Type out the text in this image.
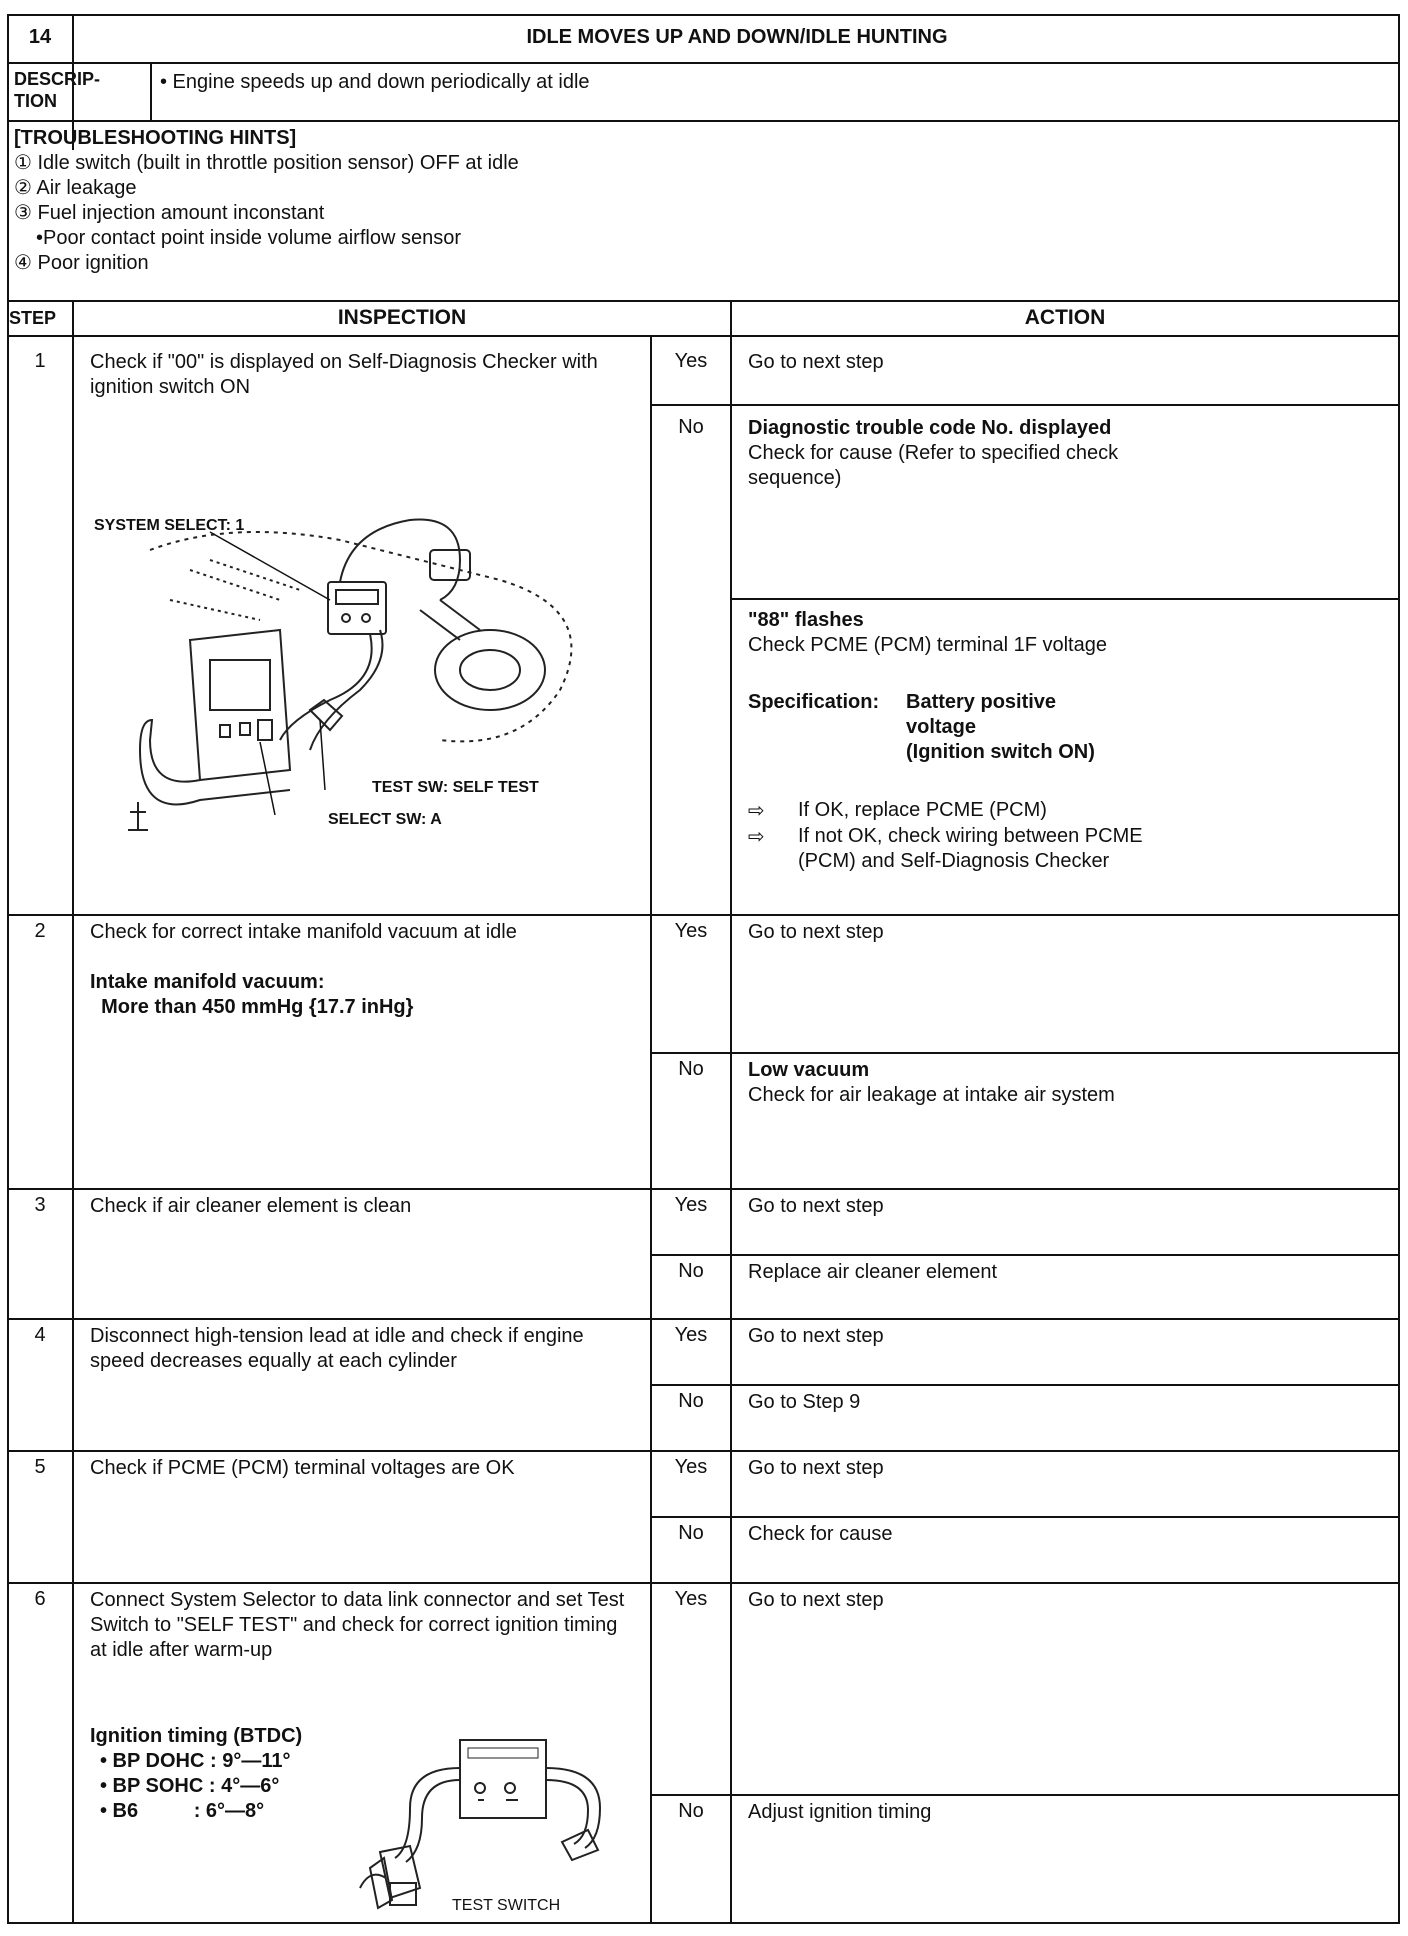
14	IDLE MOVES UP AND DOWN/IDLE HUNTING
DESCRIP-
TION
• Engine speeds up and down periodically at idle
[TROUBLESHOOTING HINTS]
① Idle switch (built in throttle position sensor) OFF at idle
② Air leakage
③ Fuel injection amount inconstant
•Poor contact point inside volume airflow sensor
④ Poor ignition
STEP	INSPECTION	ACTION
1	Check if "00" is displayed on Self-Diagnosis Checker with ignition switch ON
Yes	Go to next step
No	Diagnostic trouble code No. displayed
Check for cause (Refer to specified check sequence)
"88" flashes
Check PCME (PCM) terminal 1F voltage
Specification: Battery positive
voltage
(Ignition switch ON)
⇨ If OK, replace PCME (PCM)
⇨ If not OK, check wiring between PCME (PCM) and Self-Diagnosis Checker
SYSTEM SELECT: 1
TEST SW: SELF TEST
SELECT SW: A
2	Check for correct intake manifold vacuum at idle
Intake manifold vacuum:
More than 450 mmHg {17.7 inHg}
Yes	Go to next step
No	Low vacuum
Check for air leakage at intake air system
3	Check if air cleaner element is clean	Yes	Go to next step
No	Replace air cleaner element
4	Disconnect high-tension lead at idle and check if engine speed decreases equally at each cylinder
Yes	Go to next step
No	Go to Step 9
5	Check if PCME (PCM) terminal voltages are OK	Yes	Go to next step
No	Check for cause
6	Connect System Selector to data link connector and set Test Switch to "SELF TEST" and check for correct ignition timing at idle after warm-up
Ignition timing (BTDC)
• BP DOHC : 9°—11°
• BP SOHC : 4°—6°
• B6          : 6°—8°
TEST SWITCH
Yes	Go to next step
No	Adjust ignition timing
